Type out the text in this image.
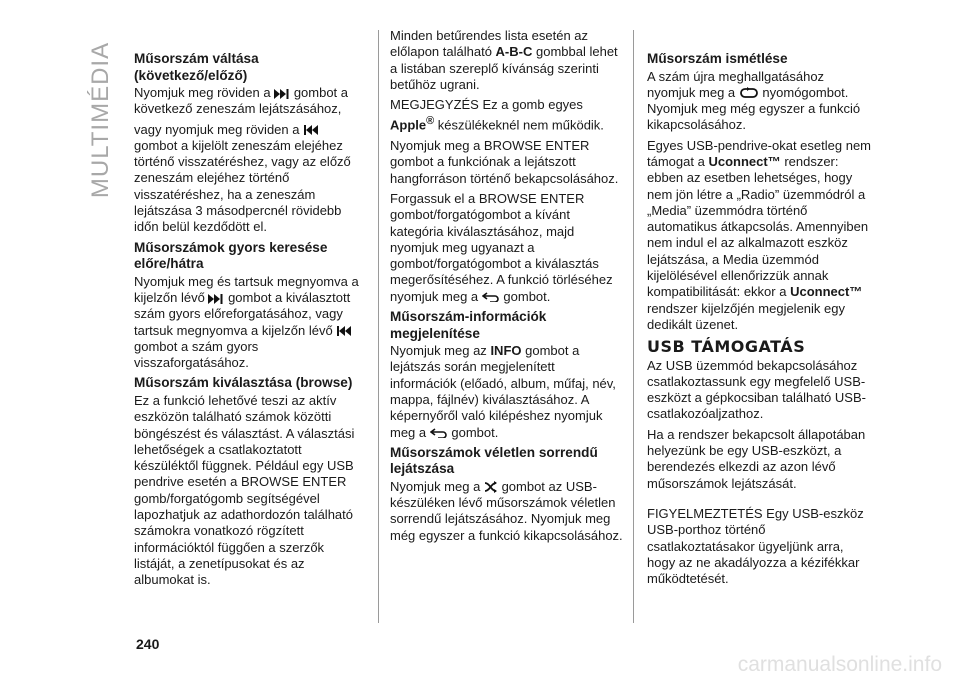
MULTIMÉDIA Műsorszám váltása (következő/előző)

Nyomjuk meg röviden a gombot a következő zeneszám lejátszásához,

vagy nyomjuk meg röviden a  gombot a kijelölt zeneszám elejéhez történő visszatéréshez, vagy az előző zeneszám elejéhez történő visszatéréshez, ha a zeneszám lejátszása 3 másodpercnél rövidebb időn belül kezdődött el.

Műsorszámok gyors keresése előre/hátra

Nyomjuk meg és tartsuk megnyomva a kijelzőn lévő gombot a kiválasztott szám gyors előreforgatásához, vagy tartsuk megnyomva a kijelzőn lévő  gombot a szám gyors visszaforgatásához.

Műsorszám kiválasztása (browse)

Ez a funkció lehetővé teszi az aktív eszközön található számok közötti böngészést és választást. A választási lehetőségek a csatlakoztatott készüléktől függnek. Például egy USB pendrive esetén a BROWSE ENTER gomb/forgatógomb segítségével lapozhatjuk az adathordozón található számokra vonatkozó rögzített információktól függően a szerzők listáját, a zenetípusokat és az albumokat is.

Minden betűrendes lista esetén az előlapon található A-B-C gombbal lehet a listában szereplő kívánság szerinti betűhöz ugrani.

MEGJEGYZÉS Ez a gomb egyes Apple® készülékeknél nem működik.

Nyomjuk meg a BROWSE ENTER gombot a funkciónak a lejátszott hangforráson történő bekapcsolásához.

Forgassuk el a BROWSE ENTER gombot/forgatógombot a kívánt kategória kiválasztásához, majd nyomjuk meg ugyanazt a gombot/forgatógombot a kiválasztás megerősítéséhez. A funkció törléséhez nyomjuk meg a gombot.

Műsorszám-információk megjelenítése

Nyomjuk meg az INFO gombot a lejátszás során megjelenített információk (előadó, album, műfaj, név, mappa, fájlnév) kiválasztásához. A képernyőről való kilépéshez nyomjuk meg a gombot.

Műsorszámok véletlen sorrendű lejátszása

Nyomjuk meg a gombot az USB-készüléken lévő műsorszámok véletlen sorrendű lejátszásához. Nyomjuk meg még egyszer a funkció kikapcsolásához.

Műsorszám ismétlése

A szám újra meghallgatásához nyomjuk meg a nyomógombot. Nyomjuk meg még egyszer a funkció kikapcsolásához.

Egyes USB-pendrive-okat esetleg nem támogat a Uconnect™ rendszer: ebben az esetben lehetséges, hogy nem jön létre a „Radio” üzemmódról a „Media” üzemmódra történő automatikus átkapcsolás. Amennyiben nem indul el az alkalmazott eszköz lejátszása, a Media üzemmód kijelölésével ellenőrizzük annak kompatibilitását: ekkor a Uconnect™ rendszer kijelzőjén megjelenik egy dedikált üzenet.

USB TÁMOGATÁS

Az USB üzemmód bekapcsolásához csatlakoztassunk egy megfelelő USB-eszközt a gépkocsiban található USB-csatlakozóaljzathoz.

Ha a rendszer bekapcsolt állapotában helyezünk be egy USB-eszközt, a berendezés elkezdi az azon lévő műsorszámok lejátszását.

FIGYELMEZTETÉS Egy USB-eszköz USB-porthoz történő csatlakoztatásakor ügyeljünk arra, hogy az ne akadályozza a kézifékkar működtetését.

240
carmanualsonline.info
